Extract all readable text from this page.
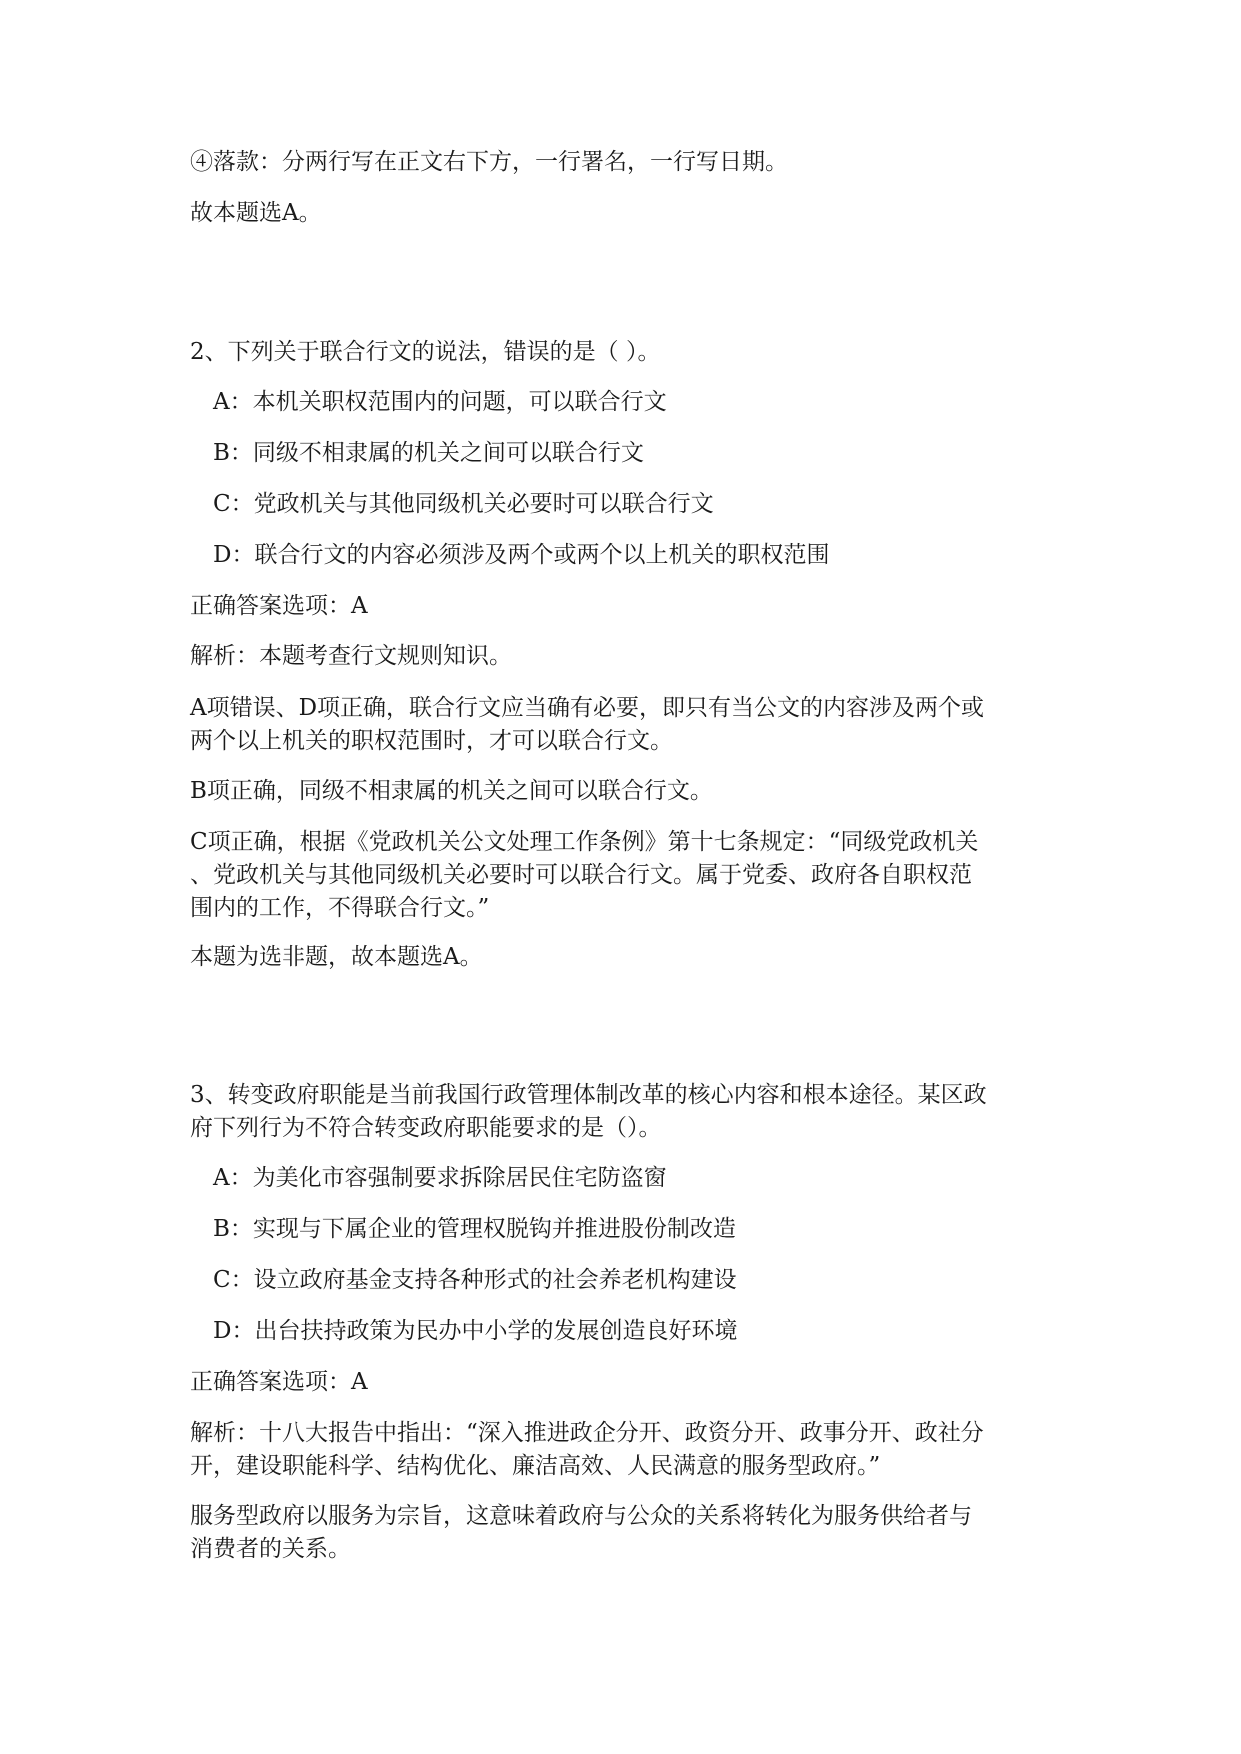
④落款：分两行写在正文右下方，一行署名，一行写日期。
故本题选A。
2、下列关于联合行文的说法，错误的是（ ）。
A：本机关职权范围内的问题，可以联合行文
B：同级不相隶属的机关之间可以联合行文
C：党政机关与其他同级机关必要时可以联合行文
D：联合行文的内容必须涉及两个或两个以上机关的职权范围
正确答案选项：A
解析：本题考查行文规则知识。
A项错误、D项正确，联合行文应当确有必要，即只有当公文的内容涉及两个或
两个以上机关的职权范围时，才可以联合行文。
B项正确，同级不相隶属的机关之间可以联合行文。
C项正确，根据《党政机关公文处理工作条例》第十七条规定：“同级党政机关
、党政机关与其他同级机关必要时可以联合行文。属于党委、政府各自职权范
围内的工作，不得联合行文。”
本题为选非题，故本题选A。
3、转变政府职能是当前我国行政管理体制改革的核心内容和根本途径。某区政
府下列行为不符合转变政府职能要求的是（）。
A：为美化市容强制要求拆除居民住宅防盗窗
B：实现与下属企业的管理权脱钩并推进股份制改造
C：设立政府基金支持各种形式的社会养老机构建设
D：出台扶持政策为民办中小学的发展创造良好环境
正确答案选项：A
解析：十八大报告中指出：“深入推进政企分开、政资分开、政事分开、政社分
开，建设职能科学、结构优化、廉洁高效、人民满意的服务型政府。”
服务型政府以服务为宗旨，这意味着政府与公众的关系将转化为服务供给者与
消费者的关系。
